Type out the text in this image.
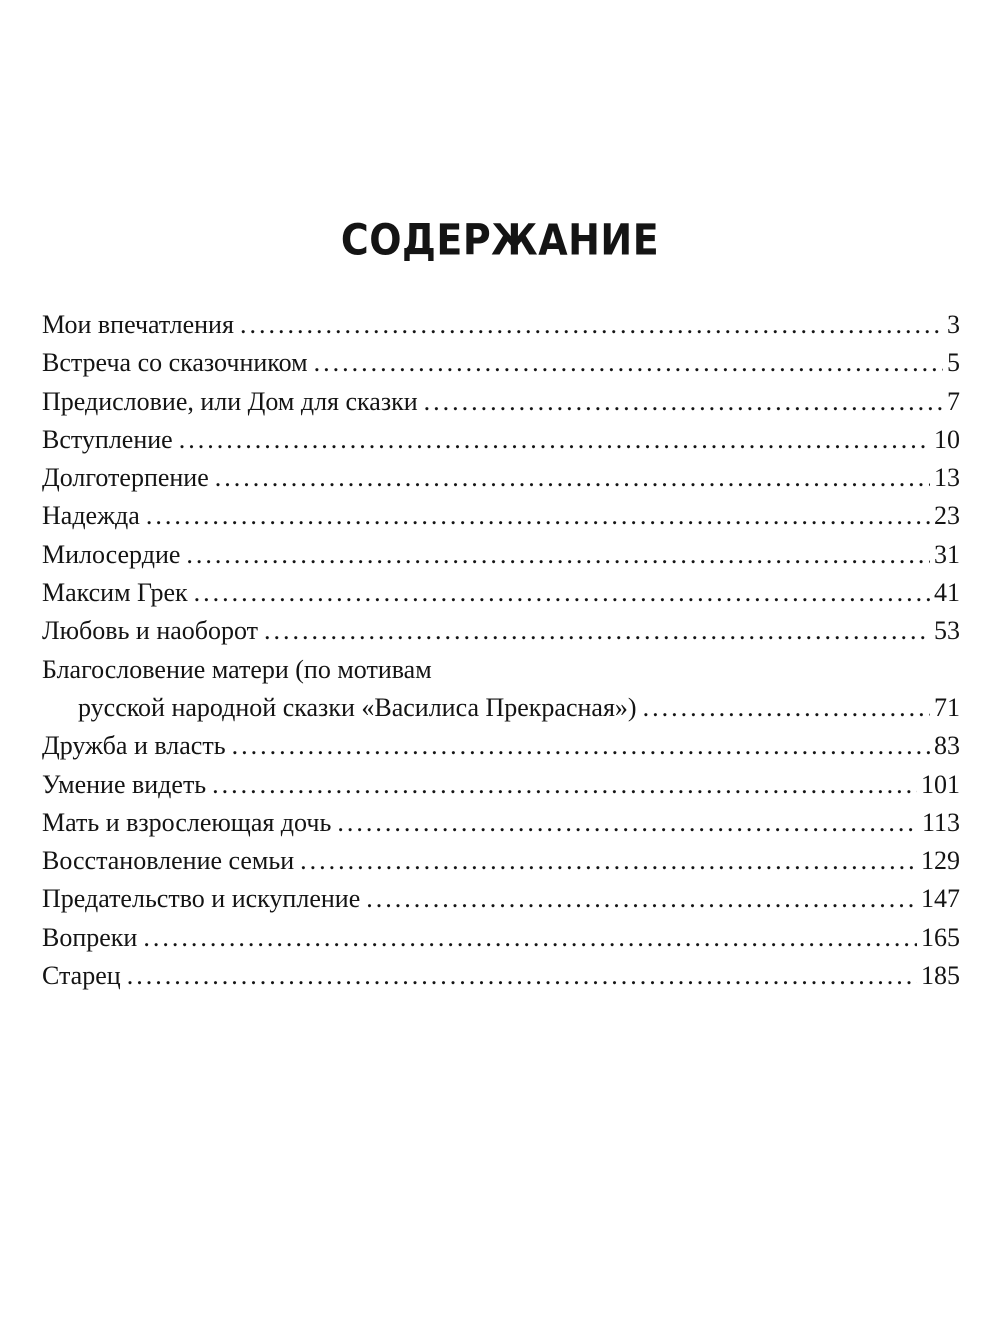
СОДЕРЖАНИЕ
Мои впечатления .....	3
Встреча со сказочником .....	5
Предисловие, или Дом для сказки .....	7
Вступление .....	10
Долготерпение .....	13
Надежда .....	23
Милосердие .....	31
Максим Грек .....	41
Любовь и наоборот .....	53
Благословение матери (по мотивам
русской народной сказки «Василиса Прекрасная») .....	71
Дружба и власть .....	83
Умение видеть .....	101
Мать и взрослеющая дочь .....	113
Восстановление семьи .....	129
Предательство и искупление .....	147
Вопреки .....	165
Старец .....	185
